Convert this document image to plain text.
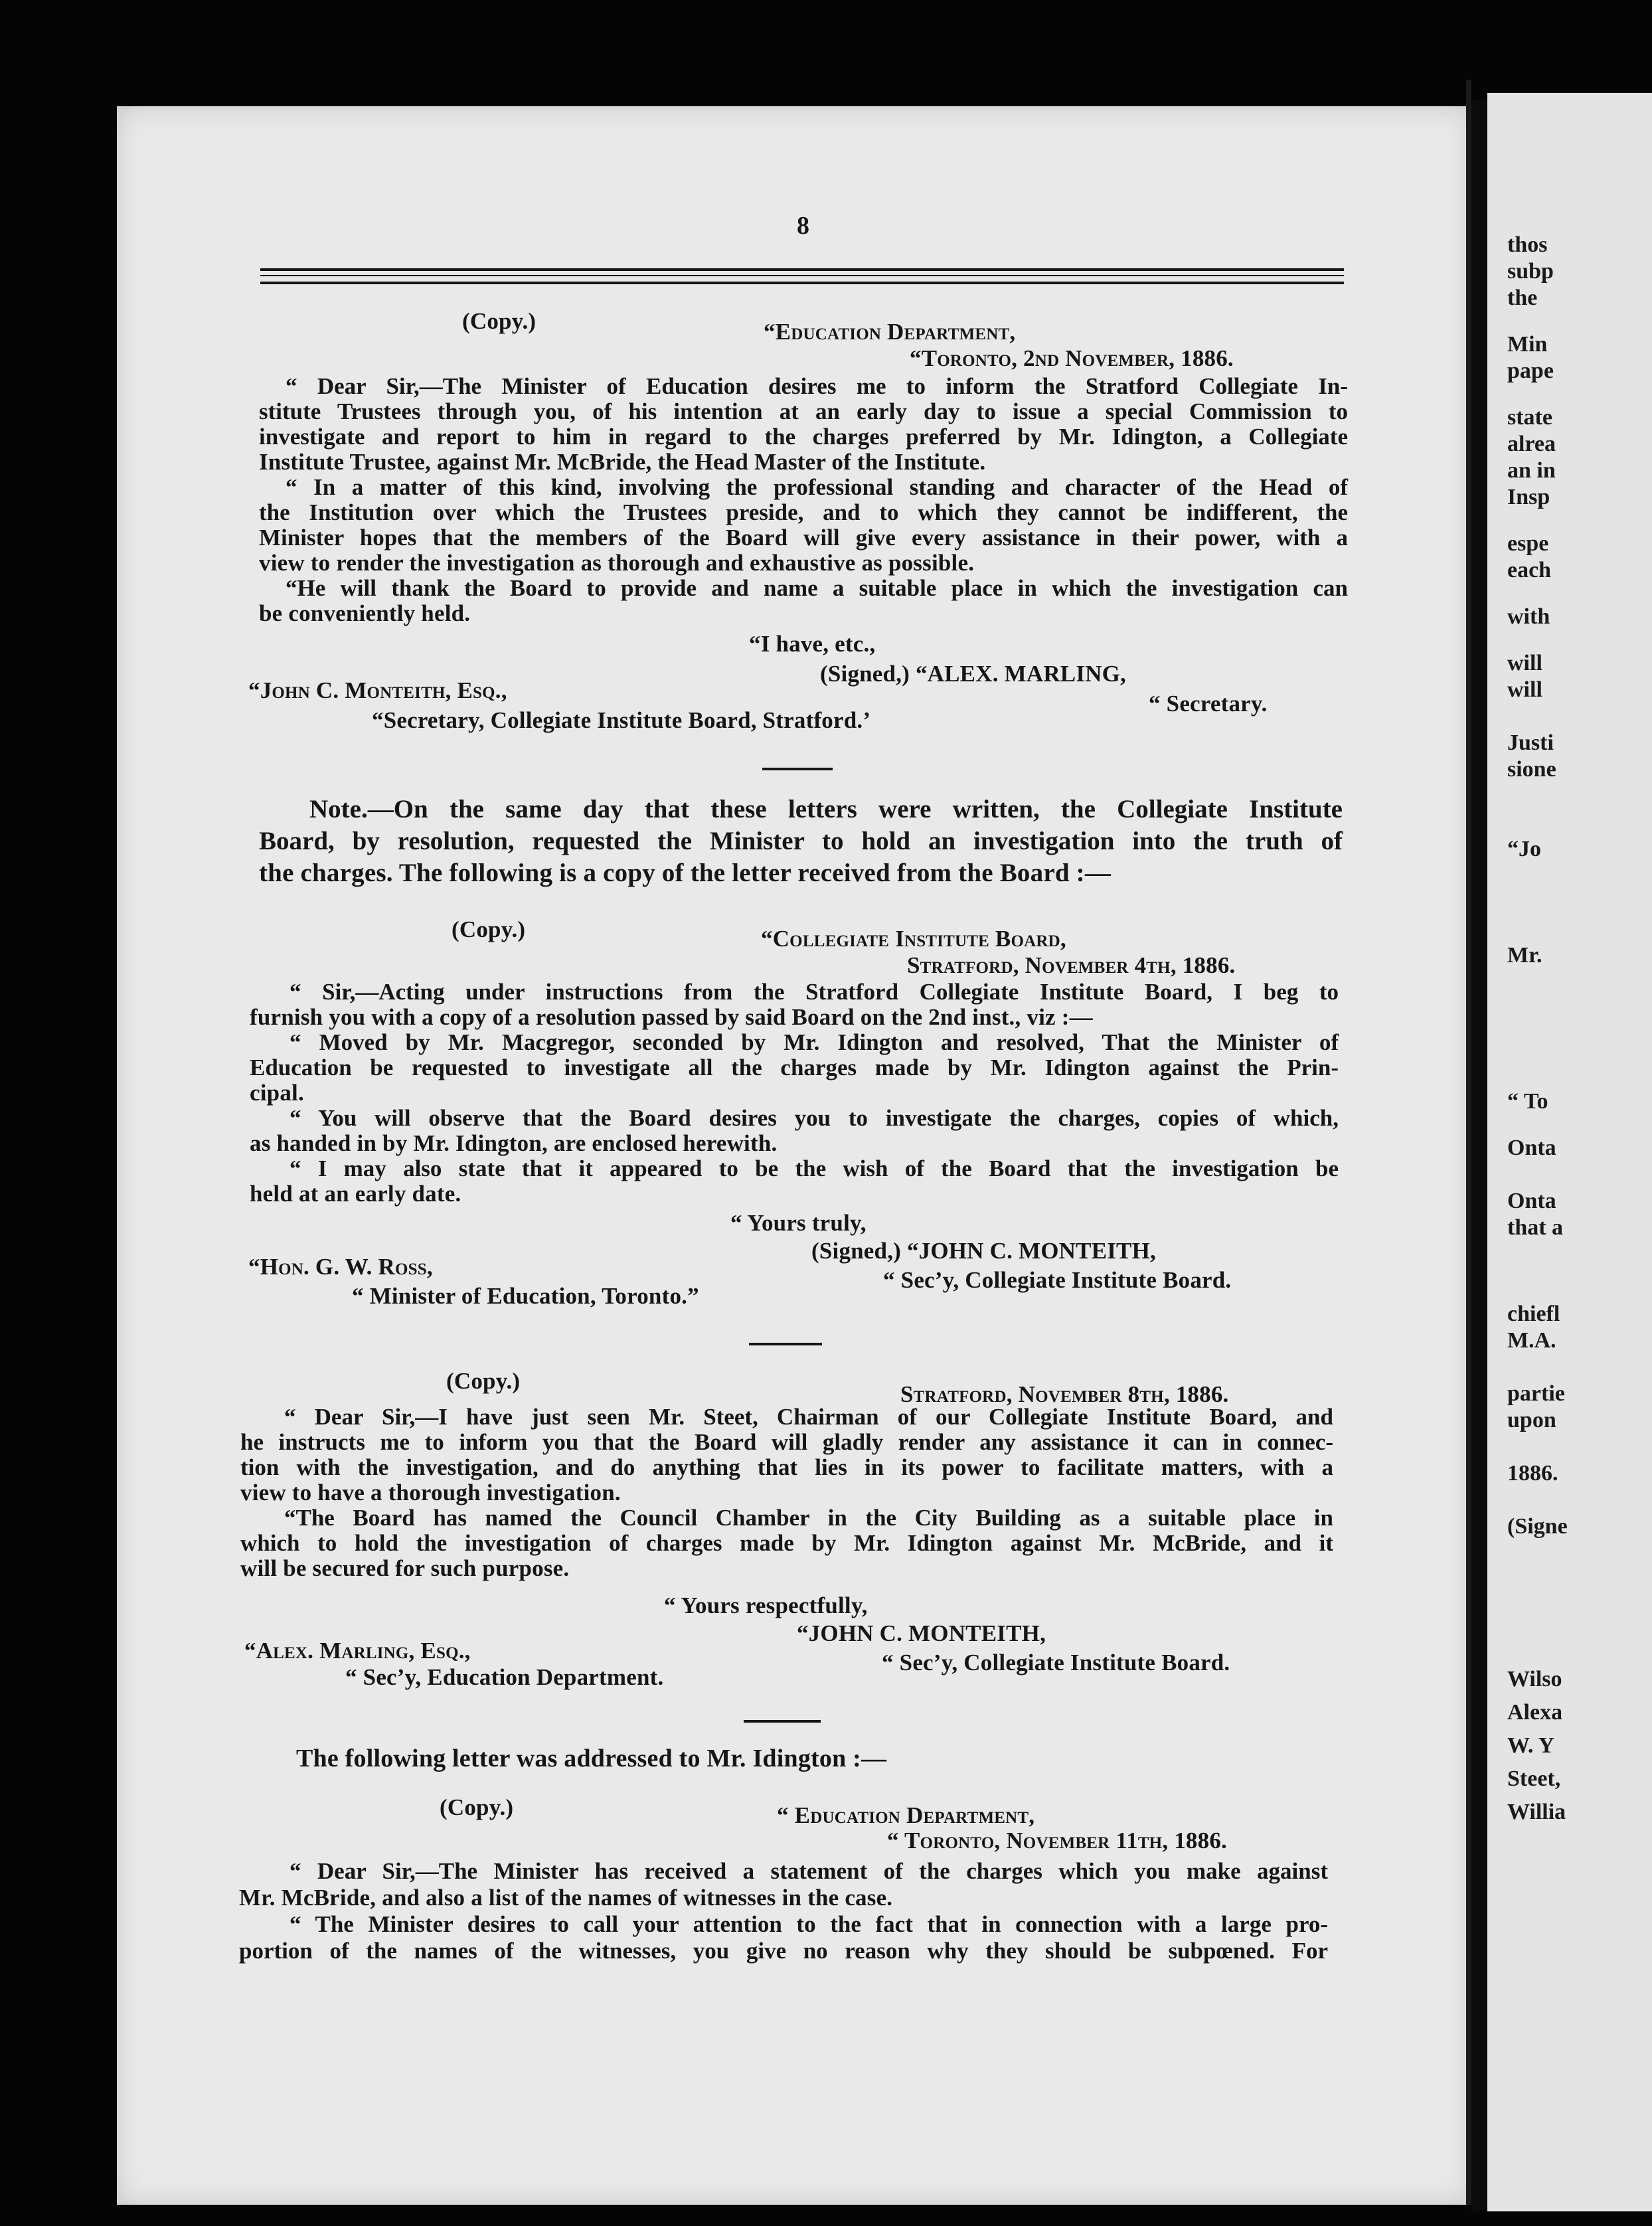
thos
subp
the
Min
pape
state
alrea
an in
Insp
espe
each
with
will
will
Justi
sione
“Jo
Mr.
“ To
Onta
Onta
that a
chiefl
M.A.
partie
upon
1886.
(Signe
Wilso
Alexa
W. Y
Steet,
Willia
8
(Copy.)	“Education Department,
“Toronto, 2nd November, 1886.
“ Dear Sir,—The Minister of Education desires me to inform the Stratford Collegiate In-
stitute Trustees through you, of his intention at an early day to issue a special Commission to
investigate and report to him in regard to the charges preferred by Mr. Idington, a Collegiate
Institute Trustee, against Mr. McBride, the Head Master of the Institute.
“ In a matter of this kind, involving the professional standing and character of the Head of
the Institution over which the Trustees preside, and to which they cannot be indifferent, the
Minister hopes that the members of the Board will give every assistance in their power, with a
view to render the investigation as thorough and exhaustive as possible.
“He will thank the Board to provide and name a suitable place in which the investigation can
be conveniently held.
“I have, etc.,
(Signed,) “ALEX. MARLING,
“John C. Monteith, Esq.,
“ Secretary.
“Secretary, Collegiate Institute Board, Stratford.’
Note.—On the same day that these letters were written, the Collegiate Institute
Board, by resolution, requested the Minister to hold an investigation into the truth of
the charges. The following is a copy of the letter received from the Board :—
(Copy.)	“Collegiate Institute Board,
Stratford, November 4th, 1886.
“ Sir,—Acting under instructions from the Stratford Collegiate Institute Board, I beg to
furnish you with a copy of a resolution passed by said Board on the 2nd inst., viz :—
“ Moved by Mr. Macgregor, seconded by Mr. Idington and resolved, That the Minister of
Education be requested to investigate all the charges made by Mr. Idington against the Prin-
cipal.
“ You will observe that the Board desires you to investigate the charges, copies of which,
as handed in by Mr. Idington, are enclosed herewith.
“ I may also state that it appeared to be the wish of the Board that the investigation be
held at an early date.
“ Yours truly,
(Signed,) “JOHN C. MONTEITH,
“Hon. G. W. Ross,
“ Sec’y, Collegiate Institute Board.
“ Minister of Education, Toronto.”
(Copy.)
Stratford, November 8th, 1886.
“ Dear Sir,—I have just seen Mr. Steet, Chairman of our Collegiate Institute Board, and
he instructs me to inform you that the Board will gladly render any assistance it can in connec-
tion with the investigation, and do anything that lies in its power to facilitate matters, with a
view to have a thorough investigation.
“The Board has named the Council Chamber in the City Building as a suitable place in
which to hold the investigation of charges made by Mr. Idington against Mr. McBride, and it
will be secured for such purpose.
“ Yours respectfully,
“JOHN C. MONTEITH,
“Alex. Marling, Esq.,	“ Sec’y, Collegiate Institute Board.
“ Sec’y, Education Department.
The following letter was addressed to Mr. Idington :—
(Copy.)	“ Education Department,
“ Toronto, November 11th, 1886.
“ Dear Sir,—The Minister has received a statement of the charges which you make against
Mr. McBride, and also a list of the names of witnesses in the case.
“ The Minister desires to call your attention to the fact that in connection with a large pro-
portion of the names of the witnesses, you give no reason why they should be subpœned. For
